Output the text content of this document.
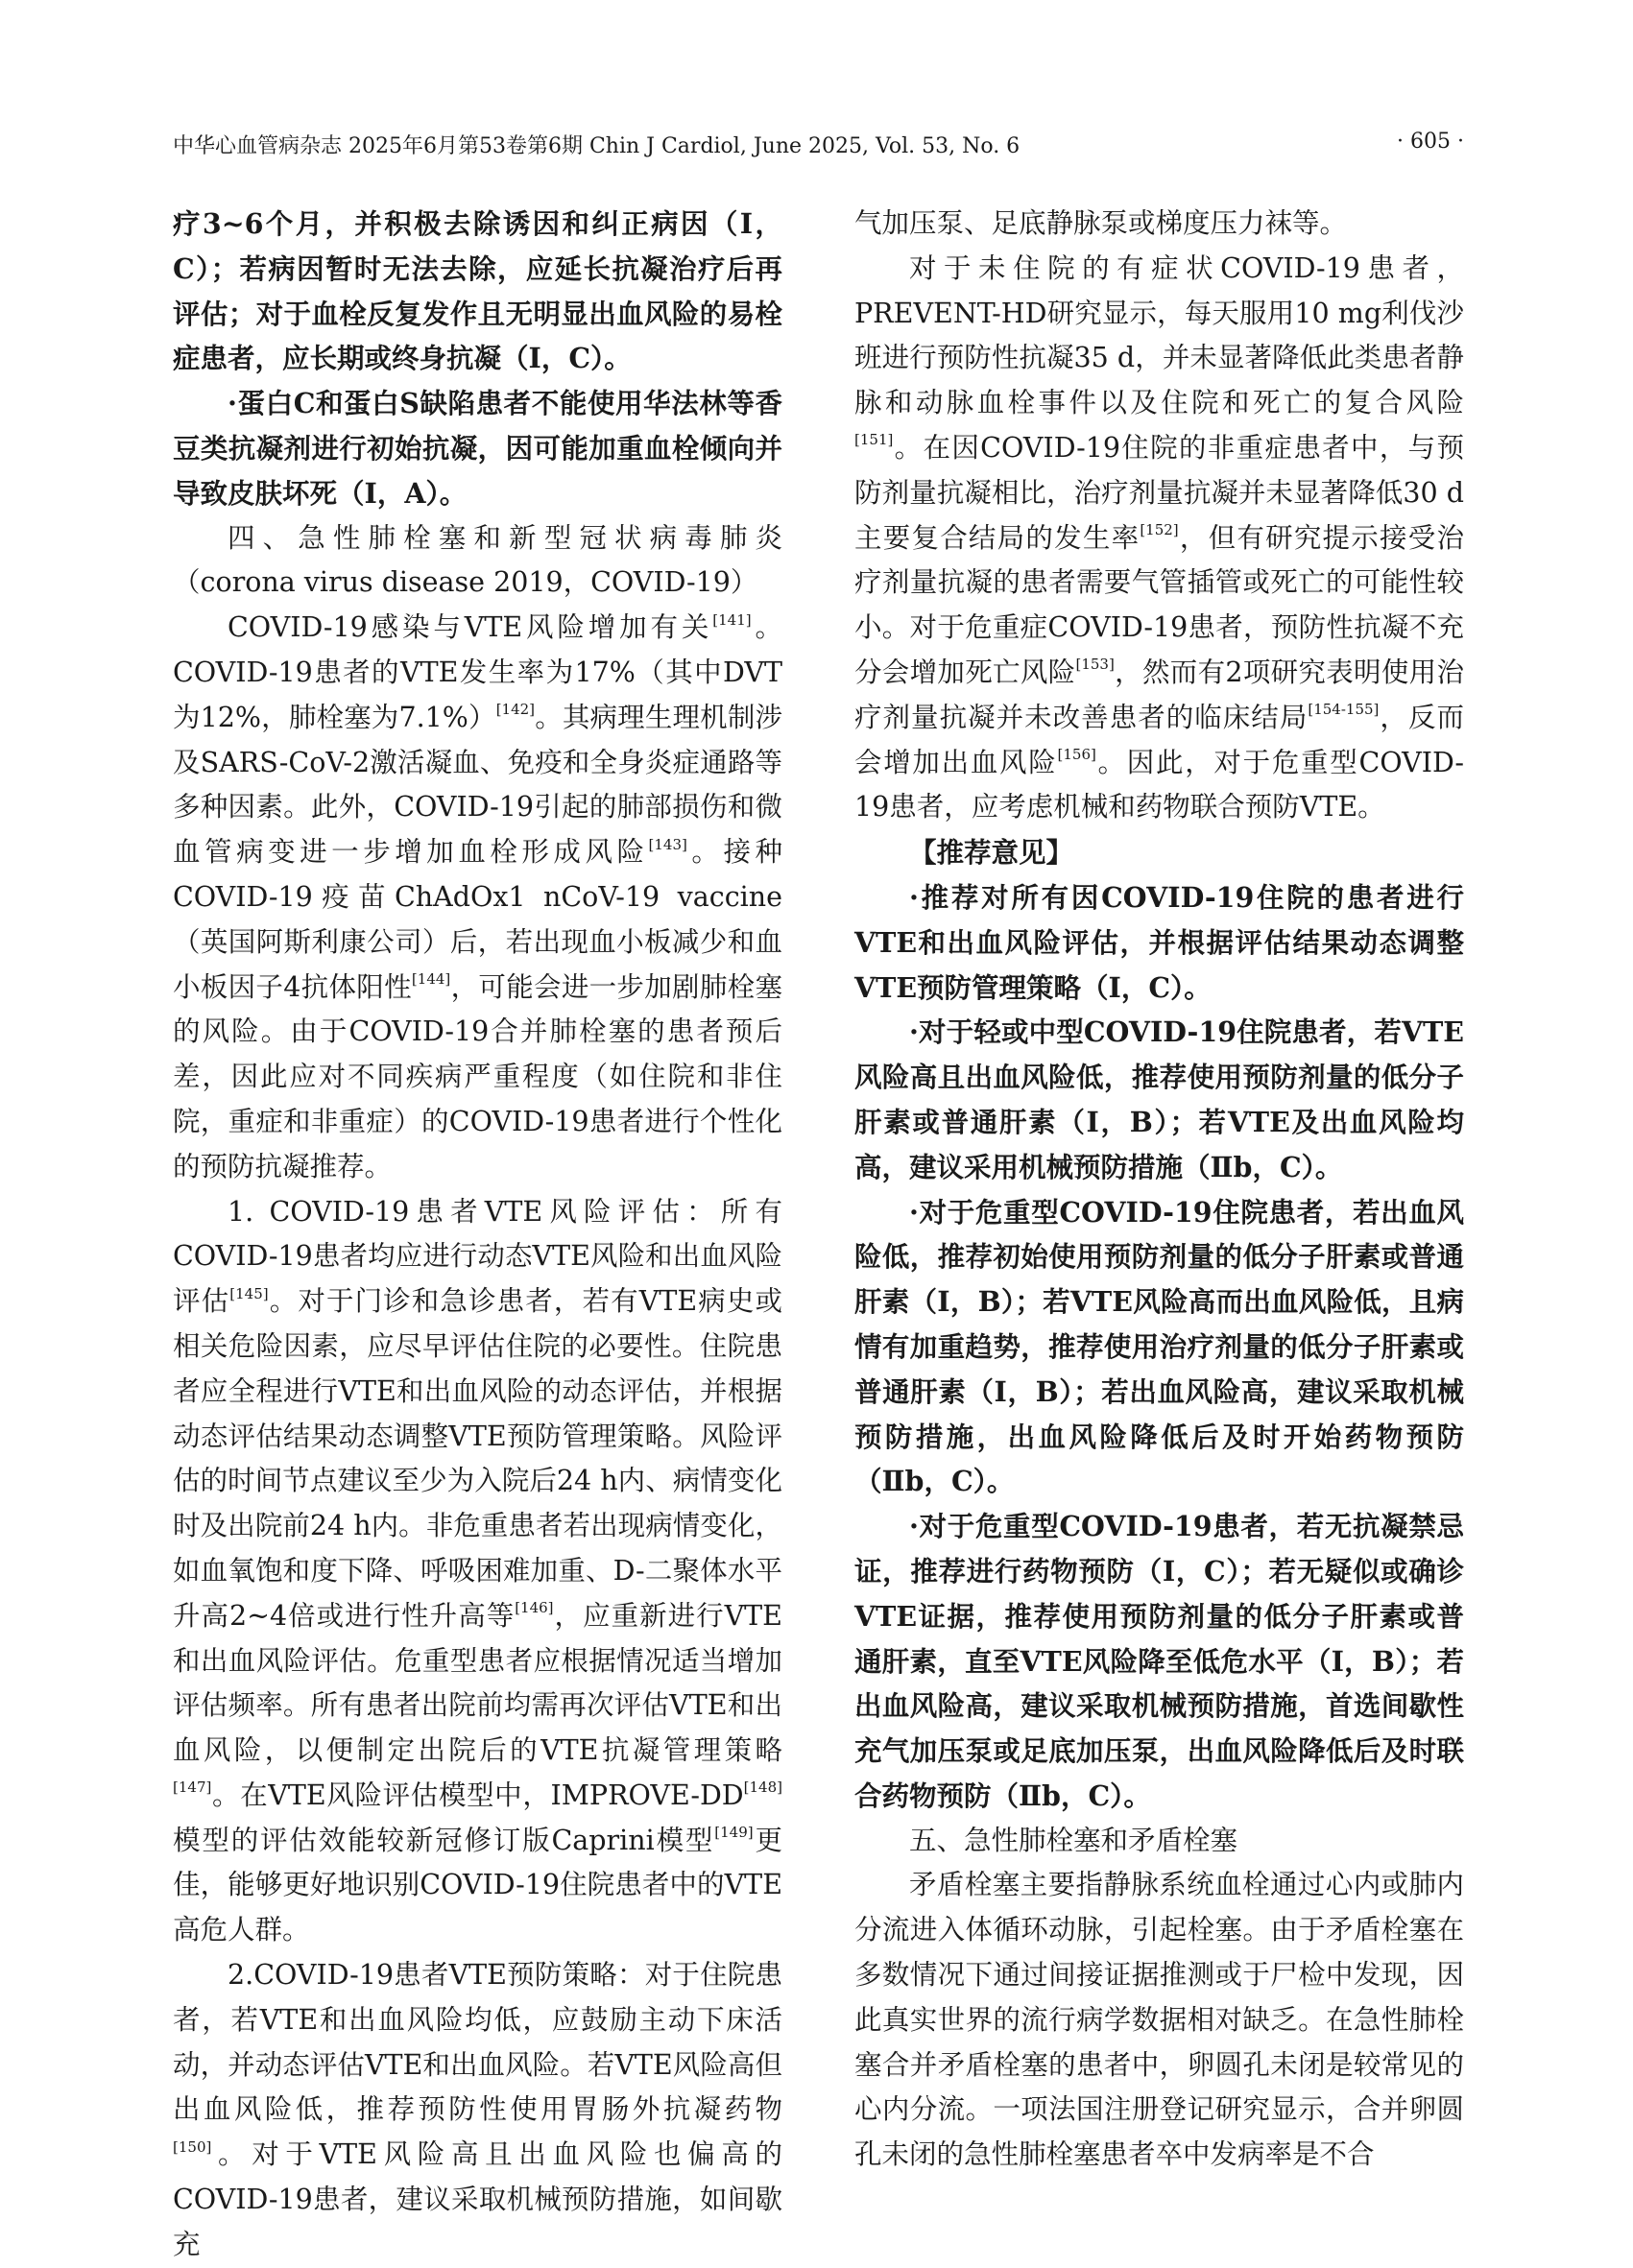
中华心血管病杂志 2025年6月第53卷第6期 Chin J Cardiol, June 2025, Vol. 53, No. 6	· 605 ·

疗3~6个月，并积极去除诱因和纠正病因（Ⅰ，C）；若病因暂时无法去除，应延长抗凝治疗后再评估；对于血栓反复发作且无明显出血风险的易栓症患者，应长期或终身抗凝（Ⅰ，C）。

·蛋白C和蛋白S缺陷患者不能使用华法林等香豆类抗凝剂进行初始抗凝，因可能加重血栓倾向并导致皮肤坏死（Ⅰ，A）。

四、急性肺栓塞和新型冠状病毒肺炎（corona virus disease 2019，COVID-19）

COVID-19感染与VTE风险增加有关[141]。COVID-19患者的VTE发生率为17%（其中DVT为12%，肺栓塞为7.1%）[142]。其病理生理机制涉及SARS-CoV-2激活凝血、免疫和全身炎症通路等多种因素。此外，COVID-19引起的肺部损伤和微血管病变进一步增加血栓形成风险[143]。接种COVID-19疫苗ChAdOx1 nCoV-19 vaccine（英国阿斯利康公司）后，若出现血小板减少和血小板因子4抗体阳性[144]，可能会进一步加剧肺栓塞的风险。由于COVID-19合并肺栓塞的患者预后差，因此应对不同疾病严重程度（如住院和非住院，重症和非重症）的COVID-19患者进行个性化的预防抗凝推荐。

1. COVID-19患者VTE风险评估：所有COVID-19患者均应进行动态VTE风险和出血风险评估[145]。对于门诊和急诊患者，若有VTE病史或相关危险因素，应尽早评估住院的必要性。住院患者应全程进行VTE和出血风险的动态评估，并根据动态评估结果动态调整VTE预防管理策略。风险评估的时间节点建议至少为入院后24 h内、病情变化时及出院前24 h内。非危重患者若出现病情变化，如血氧饱和度下降、呼吸困难加重、D-二聚体水平升高2~4倍或进行性升高等[146]，应重新进行VTE和出血风险评估。危重型患者应根据情况适当增加评估频率。所有患者出院前均需再次评估VTE和出血风险，以便制定出院后的VTE抗凝管理策略[147]。在VTE风险评估模型中，IMPROVE-DD[148]模型的评估效能较新冠修订版Caprini模型[149]更佳，能够更好地识别COVID-19住院患者中的VTE高危人群。

2.COVID-19患者VTE预防策略：对于住院患者，若VTE和出血风险均低，应鼓励主动下床活动，并动态评估VTE和出血风险。若VTE风险高但出血风险低，推荐预防性使用胃肠外抗凝药物[150]。对于VTE风险高且出血风险也偏高的COVID-19患者，建议采取机械预防措施，如间歇充

气加压泵、足底静脉泵或梯度压力袜等。

对于未住院的有症状COVID-19患者，PREVENT-HD研究显示，每天服用10 mg利伐沙班进行预防性抗凝35 d，并未显著降低此类患者静脉和动脉血栓事件以及住院和死亡的复合风险[151]。在因COVID-19住院的非重症患者中，与预防剂量抗凝相比，治疗剂量抗凝并未显著降低30 d主要复合结局的发生率[152]，但有研究提示接受治疗剂量抗凝的患者需要气管插管或死亡的可能性较小。对于危重症COVID-19患者，预防性抗凝不充分会增加死亡风险[153]，然而有2项研究表明使用治疗剂量抗凝并未改善患者的临床结局[154-155]，反而会增加出血风险[156]。因此，对于危重型COVID-19患者，应考虑机械和药物联合预防VTE。

【推荐意见】

·推荐对所有因COVID-19住院的患者进行VTE和出血风险评估，并根据评估结果动态调整VTE预防管理策略（Ⅰ，C）。

·对于轻或中型COVID-19住院患者，若VTE风险高且出血风险低，推荐使用预防剂量的低分子肝素或普通肝素（Ⅰ，B）；若VTE及出血风险均高，建议采用机械预防措施（Ⅱb，C）。

·对于危重型COVID-19住院患者，若出血风险低，推荐初始使用预防剂量的低分子肝素或普通肝素（Ⅰ，B）；若VTE风险高而出血风险低，且病情有加重趋势，推荐使用治疗剂量的低分子肝素或普通肝素（Ⅰ，B）；若出血风险高，建议采取机械预防措施，出血风险降低后及时开始药物预防（Ⅱb，C）。

·对于危重型COVID-19患者，若无抗凝禁忌证，推荐进行药物预防（Ⅰ，C）；若无疑似或确诊VTE证据，推荐使用预防剂量的低分子肝素或普通肝素，直至VTE风险降至低危水平（Ⅰ，B）；若出血风险高，建议采取机械预防措施，首选间歇性充气加压泵或足底加压泵，出血风险降低后及时联合药物预防（Ⅱb，C）。

五、急性肺栓塞和矛盾栓塞

矛盾栓塞主要指静脉系统血栓通过心内或肺内分流进入体循环动脉，引起栓塞。由于矛盾栓塞在多数情况下通过间接证据推测或于尸检中发现，因此真实世界的流行病学数据相对缺乏。在急性肺栓塞合并矛盾栓塞的患者中，卵圆孔未闭是较常见的心内分流。一项法国注册登记研究显示，合并卵圆孔未闭的急性肺栓塞患者卒中发病率是不合
